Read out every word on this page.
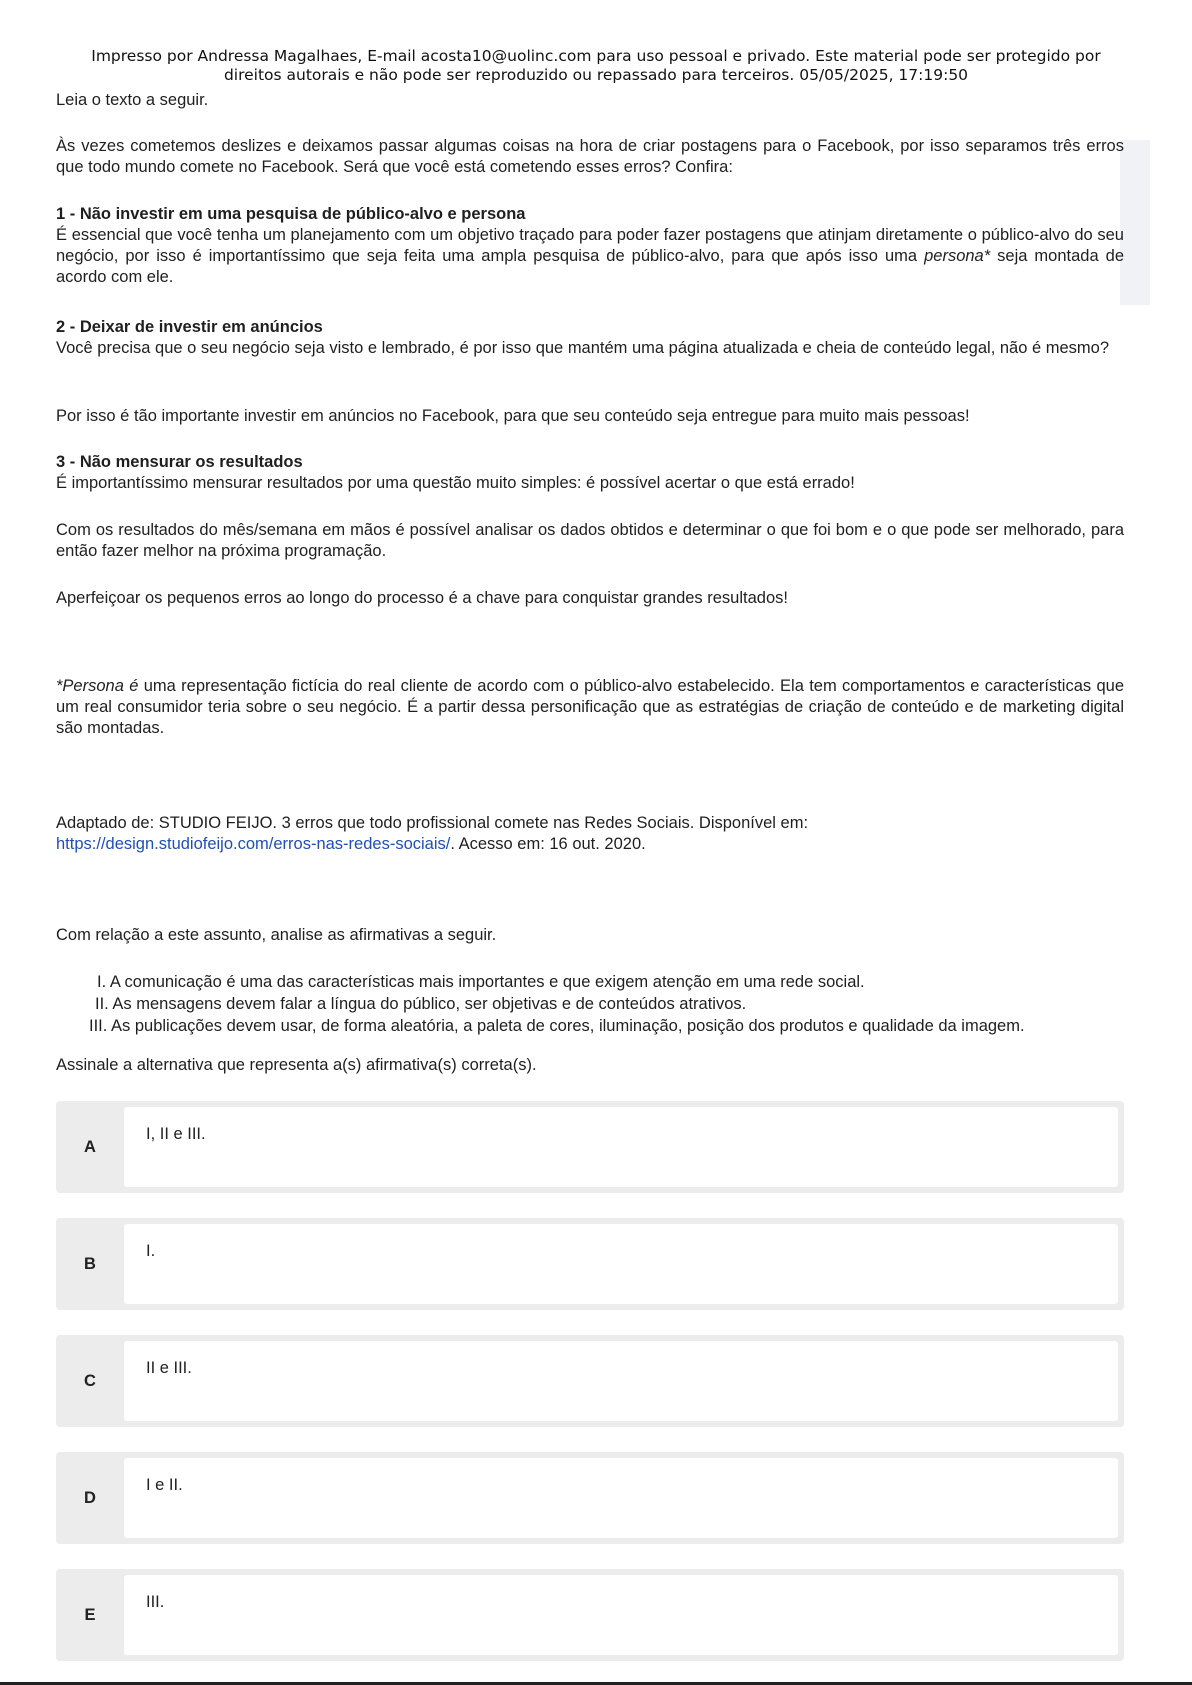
Impresso por Andressa Magalhaes, E-mail acosta10@uolinc.com para uso pessoal e privado. Este material pode ser protegido por
direitos autorais e não pode ser reproduzido ou repassado para terceiros. 05/05/2025, 17:19:50

Leia o texto a seguir.

Às vezes cometemos deslizes e deixamos passar algumas coisas na hora de criar postagens para o Facebook, por isso separamos três erros que todo mundo comete no Facebook. Será que você está cometendo esses erros? Confira:

1 - Não investir em uma pesquisa de público-alvo e persona

É essencial que você tenha um planejamento com um objetivo traçado para poder fazer postagens que atinjam diretamente o público-alvo do seu negócio, por isso é importantíssimo que seja feita uma ampla pesquisa de público-alvo, para que após isso uma persona* seja montada de acordo com ele.

2 - Deixar de investir em anúncios

Você precisa que o seu negócio seja visto e lembrado, é por isso que mantém uma página atualizada e cheia de conteúdo legal, não é mesmo?

Por isso é tão importante investir em anúncios no Facebook, para que seu conteúdo seja entregue para muito mais pessoas!

3 - Não mensurar os resultados

É importantíssimo mensurar resultados por uma questão muito simples: é possível acertar o que está errado!

Com os resultados do mês/semana em mãos é possível analisar os dados obtidos e determinar o que foi bom e o que pode ser melhorado, para então fazer melhor na próxima programação.

Aperfeiçoar os pequenos erros ao longo do processo é a chave para conquistar grandes resultados!

*Persona é uma representação fictícia do real cliente de acordo com o público-alvo estabelecido. Ela tem comportamentos e características que um real consumidor teria sobre o seu negócio. É a partir dessa personificação que as estratégias de criação de conteúdo e de marketing digital são montadas.

Adaptado de: STUDIO FEIJO. 3 erros que todo profissional comete nas Redes Sociais. Disponível em:

https://design.studiofeijo.com/erros-nas-redes-sociais/. Acesso em: 16 out. 2020.

Com relação a este assunto, analise as afirmativas a seguir.

I. A comunicação é uma das características mais importantes e que exigem atenção em uma rede social.

II. As mensagens devem falar a língua do público, ser objetivas e de conteúdos atrativos.

III. As publicações devem usar, de forma aleatória, a paleta de cores, iluminação, posição dos produtos e qualidade da imagem.

Assinale a alternativa que representa a(s) afirmativa(s) correta(s).

A
I, II e III.
B
I.
C
II e III.
D
I e II.
E
III.
